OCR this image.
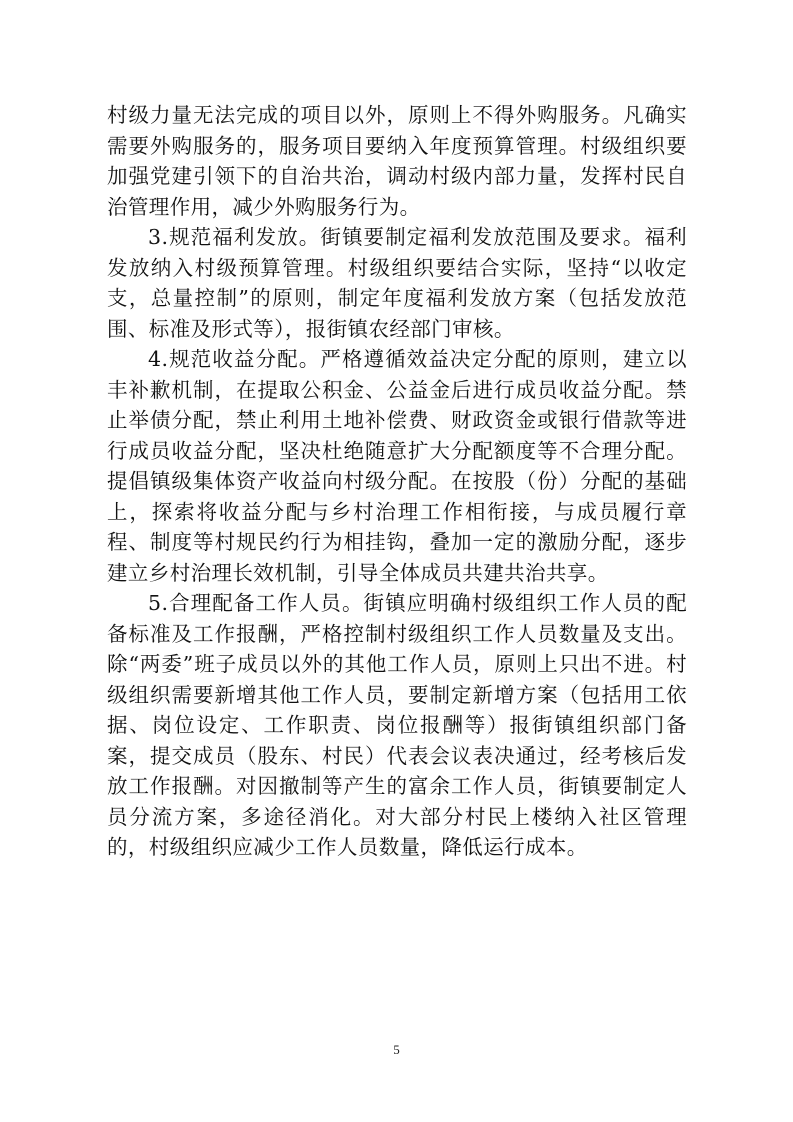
村级力量无法完成的项目以外，原则上不得外购服务。凡确实需要外购服务的，服务项目要纳入年度预算管理。村级组织要加强党建引领下的自治共治，调动村级内部力量，发挥村民自治管理作用，减少外购服务行为。

3.规范福利发放。街镇要制定福利发放范围及要求。福利发放纳入村级预算管理。村级组织要结合实际，坚持“以收定支，总量控制”的原则，制定年度福利发放方案（包括发放范围、标准及形式等），报街镇农经部门审核。

4.规范收益分配。严格遵循效益决定分配的原则，建立以丰补歉机制，在提取公积金、公益金后进行成员收益分配。禁止举债分配，禁止利用土地补偿费、财政资金或银行借款等进行成员收益分配，坚决杜绝随意扩大分配额度等不合理分配。提倡镇级集体资产收益向村级分配。在按股（份）分配的基础上，探索将收益分配与乡村治理工作相衔接，与成员履行章程、制度等村规民约行为相挂钩，叠加一定的激励分配，逐步建立乡村治理长效机制，引导全体成员共建共治共享。

5.合理配备工作人员。街镇应明确村级组织工作人员的配备标准及工作报酬，严格控制村级组织工作人员数量及支出。除“两委”班子成员以外的其他工作人员，原则上只出不进。村级组织需要新增其他工作人员，要制定新增方案（包括用工依据、岗位设定、工作职责、岗位报酬等）报街镇组织部门备案，提交成员（股东、村民）代表会议表决通过，经考核后发放工作报酬。对因撤制等产生的富余工作人员，街镇要制定人员分流方案，多途径消化。对大部分村民上楼纳入社区管理的，村级组织应减少工作人员数量，降低运行成本。

5
